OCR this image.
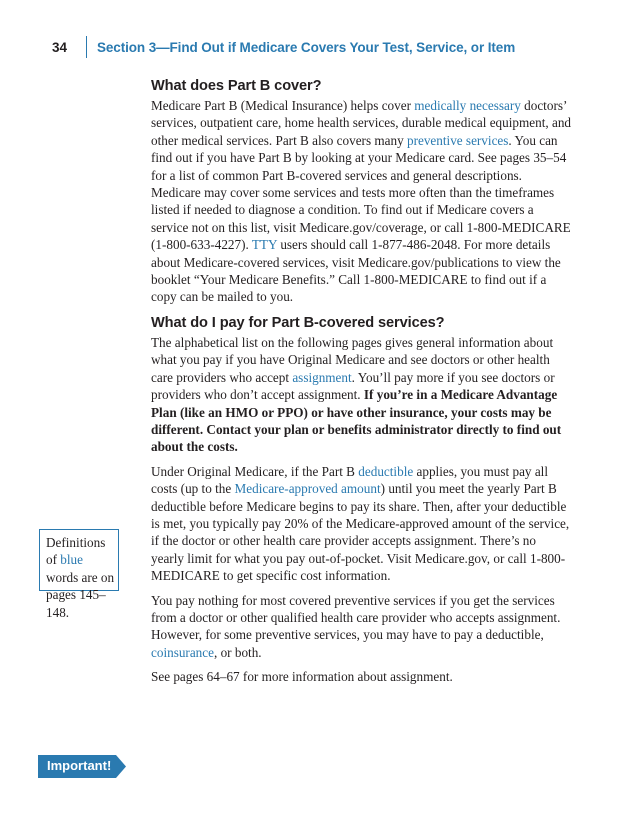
34	Section 3—Find Out if Medicare Covers Your Test, Service, or Item
What does Part B cover?

Medicare Part B (Medical Insurance) helps cover medically necessary doctors’ services, outpatient care, home health services, durable medical equipment, and other medical services. Part B also covers many preventive services. You can find out if you have Part B by looking at your Medicare card. See pages 35–54 for a list of common Part B-covered services and general descriptions. Medicare may cover some services and tests more often than the timeframes listed if needed to diagnose a condition. To find out if Medicare covers a service not on this list, visit Medicare.gov/coverage, or call 1-800-MEDICARE (1-800-633-4227). TTY users should call 1-877-486-2048. For more details about Medicare-covered services, visit Medicare.gov/publications to view the booklet “Your Medicare Benefits.” Call 1-800-MEDICARE to find out if a copy can be mailed to you.

What do I pay for Part B-covered services?

The alphabetical list on the following pages gives general information about what you pay if you have Original Medicare and see doctors or other health care providers who accept assignment. You’ll pay more if you see doctors or providers who don’t accept assignment. If you’re in a Medicare Advantage Plan (like an HMO or PPO) or have other insurance, your costs may be different. Contact your plan or benefits administrator directly to find out about the costs.

Under Original Medicare, if the Part B deductible applies, you must pay all costs (up to the Medicare-approved amount) until you meet the yearly Part B deductible before Medicare begins to pay its share. Then, after your deductible is met, you typically pay 20% of the Medicare-approved amount of the service, if the doctor or other health care provider accepts assignment. There’s no yearly limit for what you pay out-of-pocket. Visit Medicare.gov, or call 1-800-MEDICARE to get specific cost information.

You pay nothing for most covered preventive services if you get the services from a doctor or other qualified health care provider who accepts assignment. However, for some preventive services, you may have to pay a deductible, coinsurance, or both.

See pages 64–67 for more information about assignment.

Definitions of blue words are on pages 145–148.
Important!
